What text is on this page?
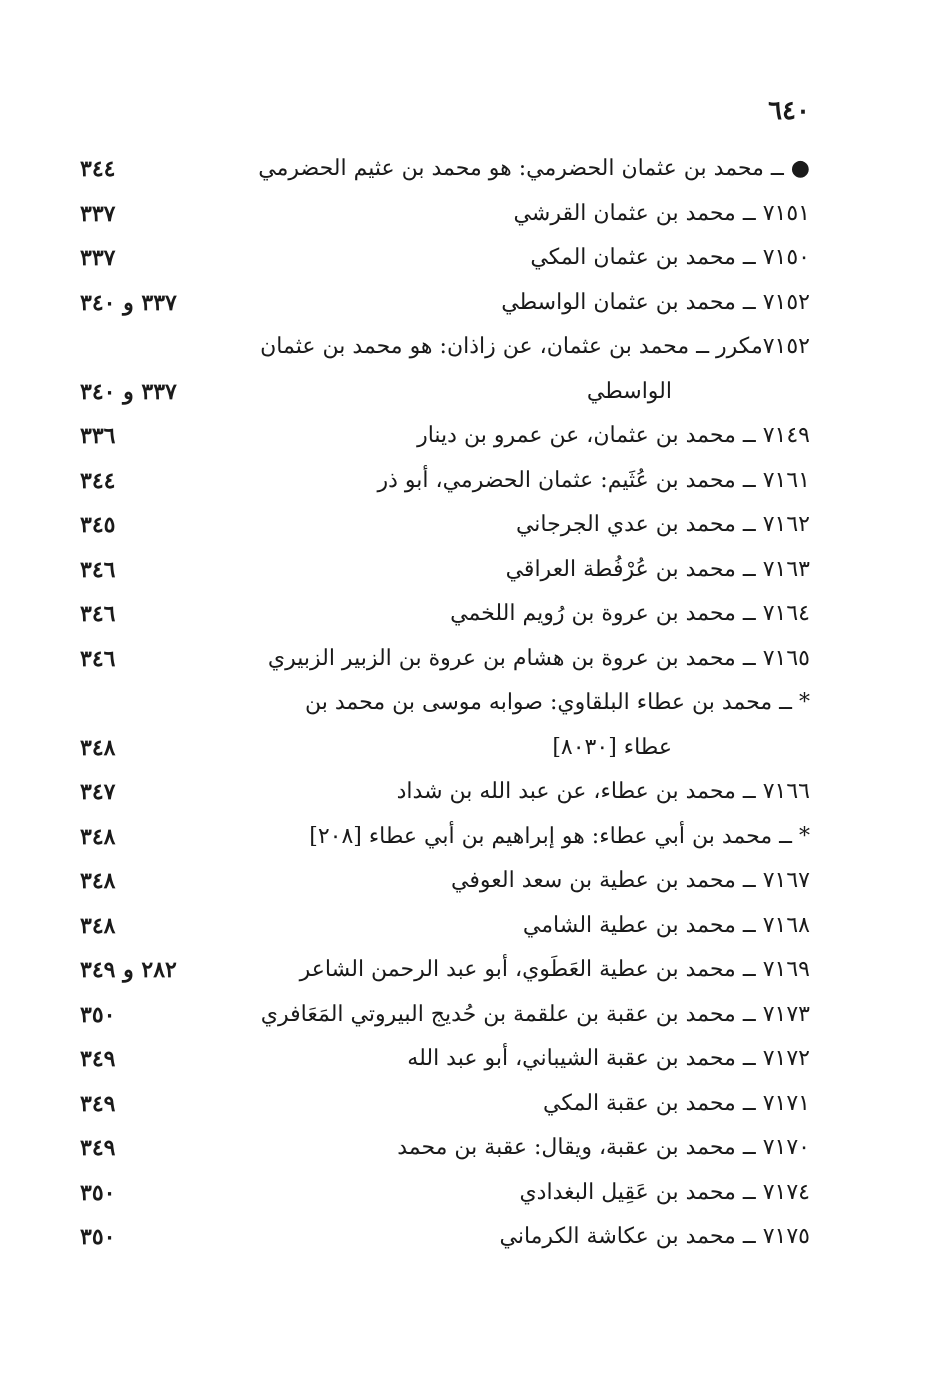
٦٤٠
● ــ محمد بن عثمان الحضرمي: هو محمد بن عثيم الحضرمي
٣٤٤
٧١٥١ ــ محمد بن عثمان القرشي
٣٣٧
٧١٥٠ ــ محمد بن عثمان المكي
٣٣٧
٧١٥٢ ــ محمد بن عثمان الواسطي
٣٣٧ و ٣٤٠
٧١٥٢مكرر ــ محمد بن عثمان، عن زاذان: هو محمد بن عثمان
الواسطي
٣٣٧ و ٣٤٠
٧١٤٩ ــ محمد بن عثمان، عن عمرو بن دينار
٣٣٦
٧١٦١ ــ محمد بن عُثَيم: عثمان الحضرمي، أبو ذر
٣٤٤
٧١٦٢ ــ محمد بن عدي الجرجاني
٣٤٥
٧١٦٣ ــ محمد بن عُرْفُطة العراقي
٣٤٦
٧١٦٤ ــ محمد بن عروة بن رُويم اللخمي
٣٤٦
٧١٦٥ ــ محمد بن عروة بن هشام بن عروة بن الزبير الزبيري
٣٤٦
* ــ محمد بن عطاء البلقاوي: صوابه موسى بن محمد بن
عطاء [٨٠٣٠]
٣٤٨
٧١٦٦ ــ محمد بن عطاء، عن عبد الله بن شداد
٣٤٧
* ــ محمد بن أبي عطاء: هو إبراهيم بن أبي عطاء [٢٠٨]
٣٤٨
٧١٦٧ ــ محمد بن عطية بن سعد العوفي
٣٤٨
٧١٦٨ ــ محمد بن عطية الشامي
٣٤٨
٧١٦٩ ــ محمد بن عطية العَطَوي، أبو عبد الرحمن الشاعر
٢٨٢ و ٣٤٩
٧١٧٣ ــ محمد بن عقبة بن علقمة بن حُديج البيروتي المَعَافري
٣٥٠
٧١٧٢ ــ محمد بن عقبة الشيباني، أبو عبد الله
٣٤٩
٧١٧١ ــ محمد بن عقبة المكي
٣٤٩
٧١٧٠ ــ محمد بن عقبة، ويقال: عقبة بن محمد
٣٤٩
٧١٧٤ ــ محمد بن عَقِيل البغدادي
٣٥٠
٧١٧٥ ــ محمد بن عكاشة الكرماني
٣٥٠
